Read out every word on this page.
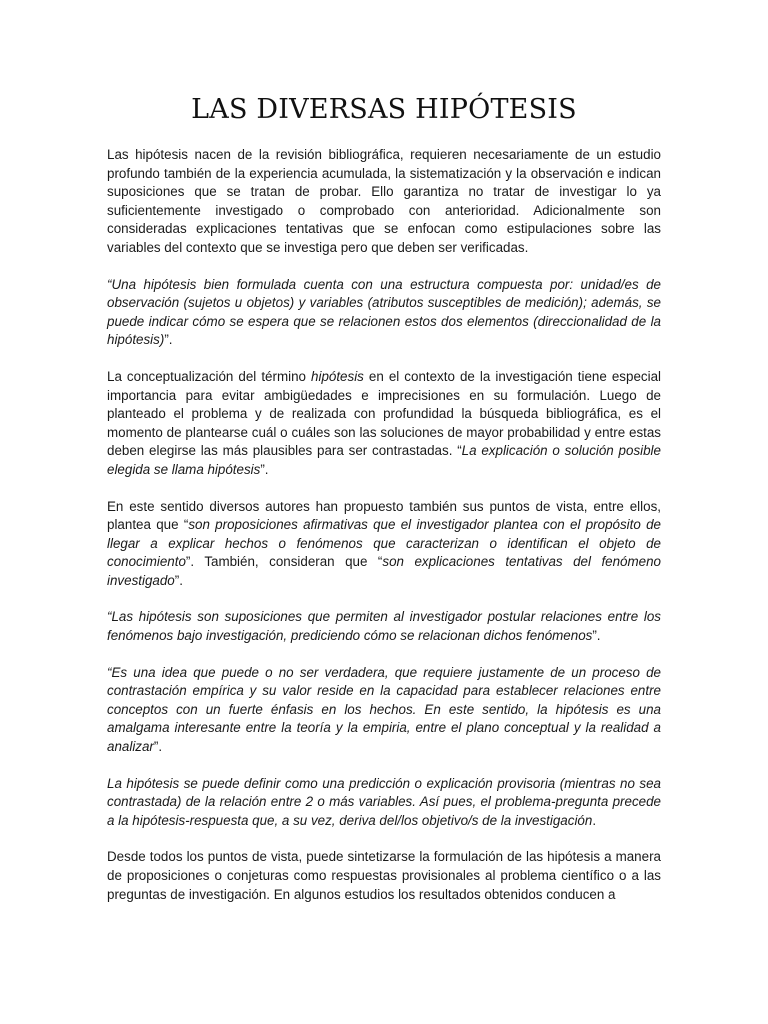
LAS DIVERSAS HIPÓTESIS

Las hipótesis nacen de la revisión bibliográfica, requieren necesariamente de un estudio profundo también de la experiencia acumulada, la sistematización y la observación e indican suposiciones que se tratan de probar. Ello garantiza no tratar de investigar lo ya suficientemente investigado o comprobado con anterioridad. Adicionalmente son consideradas explicaciones tentativas que se enfocan como estipulaciones sobre las variables del contexto que se investiga pero que deben ser verificadas.

“Una hipótesis bien formulada cuenta con una estructura compuesta por: unidad/es de observación (sujetos u objetos) y variables (atributos susceptibles de medición); además, se puede indicar cómo se espera que se relacionen estos dos elementos (direccionalidad de la hipótesis)”.

La conceptualización del término hipótesis en el contexto de la investigación tiene especial importancia para evitar ambigüedades e imprecisiones en su formulación. Luego de planteado el problema y de realizada con profundidad la búsqueda bibliográfica, es el momento de plantearse cuál o cuáles son las soluciones de mayor probabilidad y entre estas deben elegirse las más plausibles para ser contrastadas. “La explicación o solución posible elegida se llama hipótesis”.

En este sentido diversos autores han propuesto también sus puntos de vista, entre ellos, plantea que “son proposiciones afirmativas que el investigador plantea con el propósito de llegar a explicar hechos o fenómenos que caracterizan o identifican el objeto de conocimiento”. También, consideran que “son explicaciones tentativas del fenómeno investigado”.

“Las hipótesis son suposiciones que permiten al investigador postular relaciones entre los fenómenos bajo investigación, prediciendo cómo se relacionan dichos fenómenos”.

“Es una idea que puede o no ser verdadera, que requiere justamente de un proceso de contrastación empírica y su valor reside en la capacidad para establecer relaciones entre conceptos con un fuerte énfasis en los hechos. En este sentido, la hipótesis es una amalgama interesante entre la teoría y la empiria, entre el plano conceptual y la realidad a analizar”.

La hipótesis se puede definir como una predicción o explicación provisoria (mientras no sea contrastada) de la relación entre 2 o más variables. Así pues, el problema-pregunta precede a la hipótesis-respuesta que, a su vez, deriva del/los objetivo/s de la investigación.

Desde todos los puntos de vista, puede sintetizarse la formulación de las hipótesis a manera de proposiciones o conjeturas como respuestas provisionales al problema científico o a las preguntas de investigación. En algunos estudios los resultados obtenidos conducen a
